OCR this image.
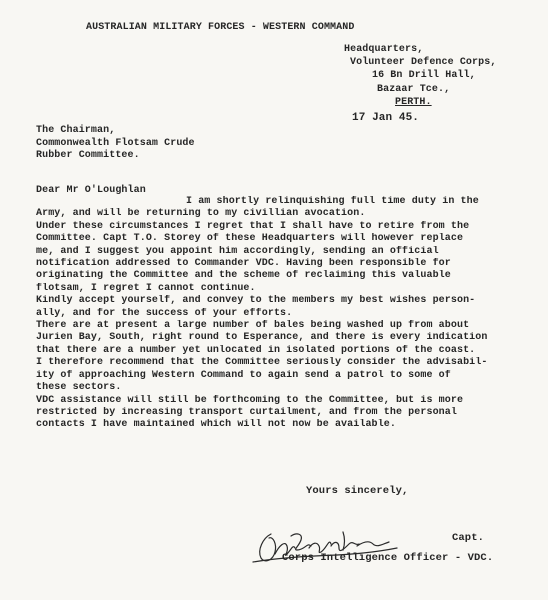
AUSTRALIAN MILITARY FORCES - WESTERN COMMAND
Headquarters,
Volunteer Defence Corps,
16 Bn Drill Hall,
Bazaar Tce.,
PERTH.
17 Jan 45.
The Chairman,
Commonwealth Flotsam Crude
Rubber Committee.
Dear Mr O'Loughlan
I am shortly relinquishing full time duty in the
Army, and will be returning to my civillian avocation.
Under these circumstances I regret that I shall have to retire from the
Committee. Capt T.O. Storey of these Headquarters will however replace
me, and I suggest you appoint him accordingly, sending an official
notification addressed to Commander VDC. Having been responsible for
originating the Committee and the scheme of reclaiming this valuable
flotsam, I regret I cannot continue.
Kindly accept yourself, and convey to the members my best wishes person-
ally, and for the success of your efforts.
There are at present a large number of bales being washed up from about
Jurien Bay, South, right round to Esperance, and there is every indication
that there are a number yet unlocated in isolated portions of the coast.
I therefore recommend that the Committee seriously consider the advisabil-
ity of approaching Western Command to again send a patrol to some of
these sectors.
VDC assistance will still be forthcoming to the Committee, but is more
restricted by increasing transport curtailment, and from the personal
contacts I have maintained which will not now be available.
Yours sincerely,
Capt.
Corps Intelligence Officer - VDC.
